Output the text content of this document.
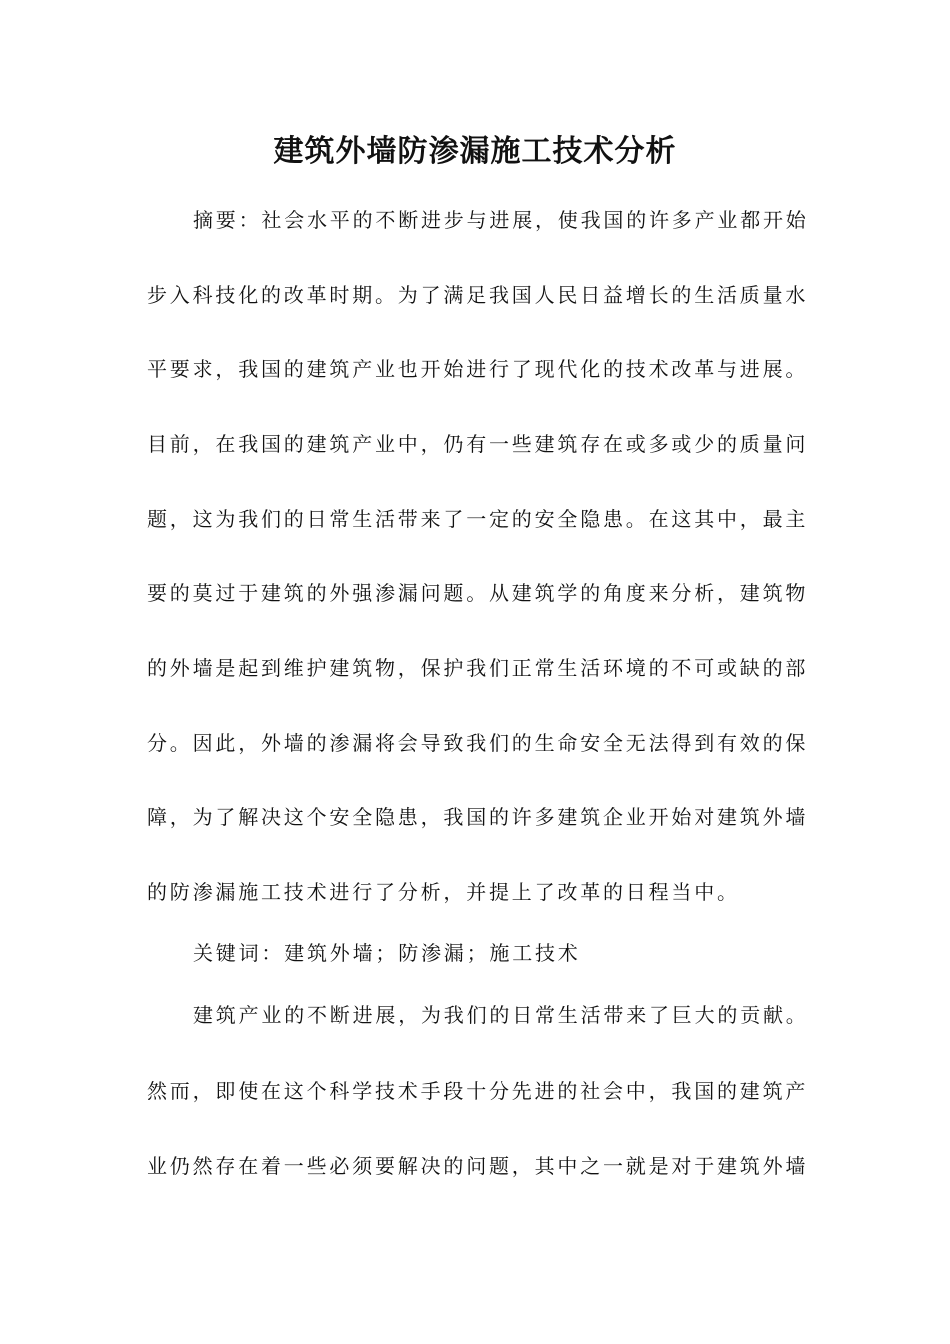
建筑外墙防渗漏施工技术分析
摘要：社会水平的不断进步与进展，使我国的许多产业都开始
步入科技化的改革时期。为了满足我国人民日益增长的生活质量水
平要求，我国的建筑产业也开始进行了现代化的技术改革与进展。
目前，在我国的建筑产业中，仍有一些建筑存在或多或少的质量问
题，这为我们的日常生活带来了一定的安全隐患。在这其中，最主
要的莫过于建筑的外强渗漏问题。从建筑学的角度来分析，建筑物
的外墙是起到维护建筑物，保护我们正常生活环境的不可或缺的部
分。因此，外墙的渗漏将会导致我们的生命安全无法得到有效的保
障，为了解决这个安全隐患，我国的许多建筑企业开始对建筑外墙
的防渗漏施工技术进行了分析，并提上了改革的日程当中。
关键词：建筑外墙；防渗漏；施工技术
建筑产业的不断进展，为我们的日常生活带来了巨大的贡献。
然而，即使在这个科学技术手段十分先进的社会中，我国的建筑产
业仍然存在着一些必须要解决的问题，其中之一就是对于建筑外墙
